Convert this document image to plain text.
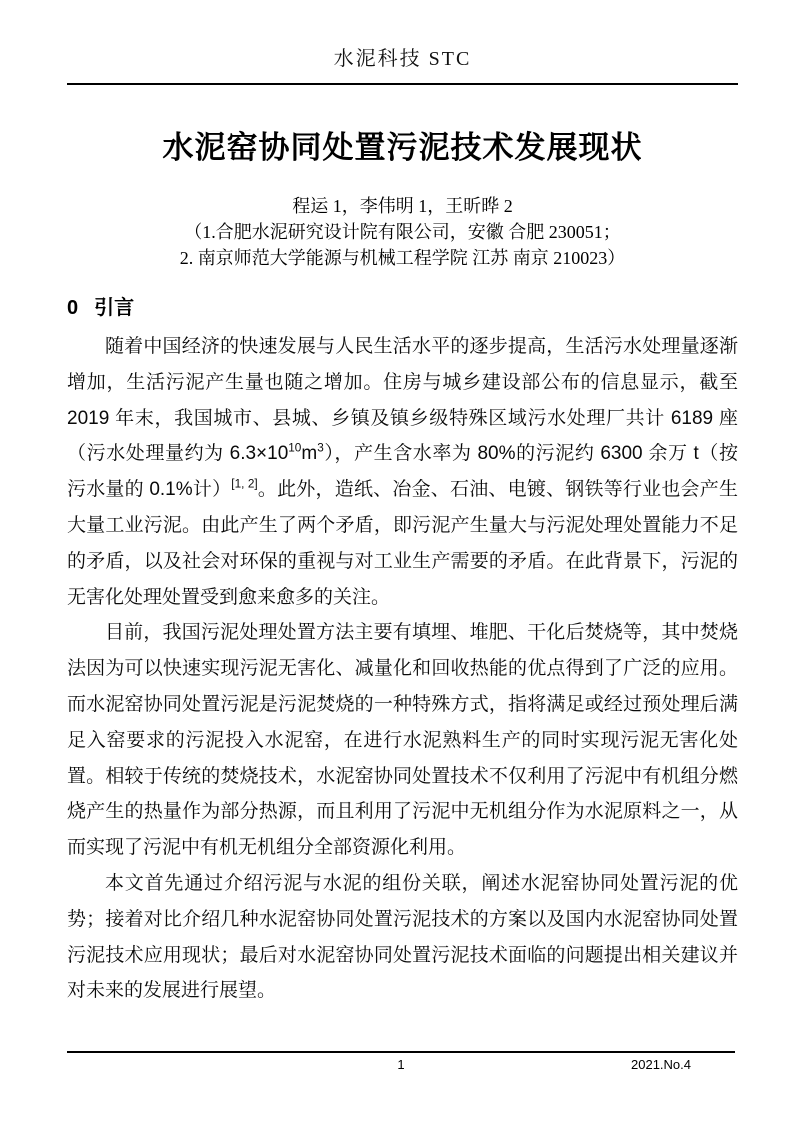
水泥科技 STC
水泥窑协同处置污泥技术发展现状
程运 1，李伟明 1，王昕晔 2
（1.合肥水泥研究设计院有限公司，安徽 合肥 230051；
2. 南京师范大学能源与机械工程学院 江苏 南京 210023）
0 引言

随着中国经济的快速发展与人民生活水平的逐步提高，生活污水处理量逐渐增加，生活污泥产生量也随之增加。住房与城乡建设部公布的信息显示，截至 2019 年末，我国城市、县城、乡镇及镇乡级特殊区域污水处理厂共计 6189 座（污水处理量约为 $6.3\times 10^{10}m^3$），产生含水率为 80%的污泥约 6300 余万 t（按污水量的 0.1%计）[1, 2]。此外，造纸、冶金、石油、电镀、钢铁等行业也会产生大量工业污泥。由此产生了两个矛盾，即污泥产生量大与污泥处理处置能力不足的矛盾，以及社会对环保的重视与对工业生产需要的矛盾。在此背景下，污泥的无害化处理处置受到愈来愈多的关注。

目前，我国污泥处理处置方法主要有填埋、堆肥、干化后焚烧等，其中焚烧法因为可以快速实现污泥无害化、减量化和回收热能的优点得到了广泛的应用。而水泥窑协同处置污泥是污泥焚烧的一种特殊方式，指将满足或经过预处理后满足入窑要求的污泥投入水泥窑，在进行水泥熟料生产的同时实现污泥无害化处置。相较于传统的焚烧技术，水泥窑协同处置技术不仅利用了污泥中有机组分燃烧产生的热量作为部分热源，而且利用了污泥中无机组分作为水泥原料之一，从而实现了污泥中有机无机组分全部资源化利用。

本文首先通过介绍污泥与水泥的组份关联，阐述水泥窑协同处置污泥的优势；接着对比介绍几种水泥窑协同处置污泥技术的方案以及国内水泥窑协同处置污泥技术应用现状；最后对水泥窑协同处置污泥技术面临的问题提出相关建议并对未来的发展进行展望。

1	2021.No.4
